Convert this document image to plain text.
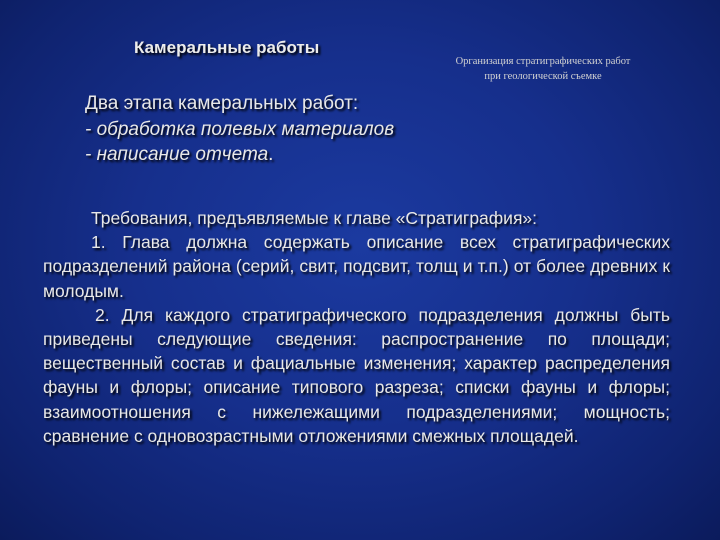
Камеральные работы
Организация стратиграфических работ
при геологической съемке
Два этапа камеральных работ:
- обработка полевых материалов
- написание отчета.

Требования, предъявляемые к главе «Стратиграфия»:

1. Глава должна содержать описание всех стратиграфических подразделений района (серий, свит, подсвит, толщ и т.п.) от более древних к молодым.

2. Для каждого стратиграфического подразделения должны быть приведены следующие сведения: распространение по площади; вещественный состав и фациальные изменения; характер распределения фауны и флоры; описание типового разреза; списки фауны и флоры; взаимоотношения с нижележащими подразделениями; мощность; сравнение с одновозрастными отложениями смежных площадей.
